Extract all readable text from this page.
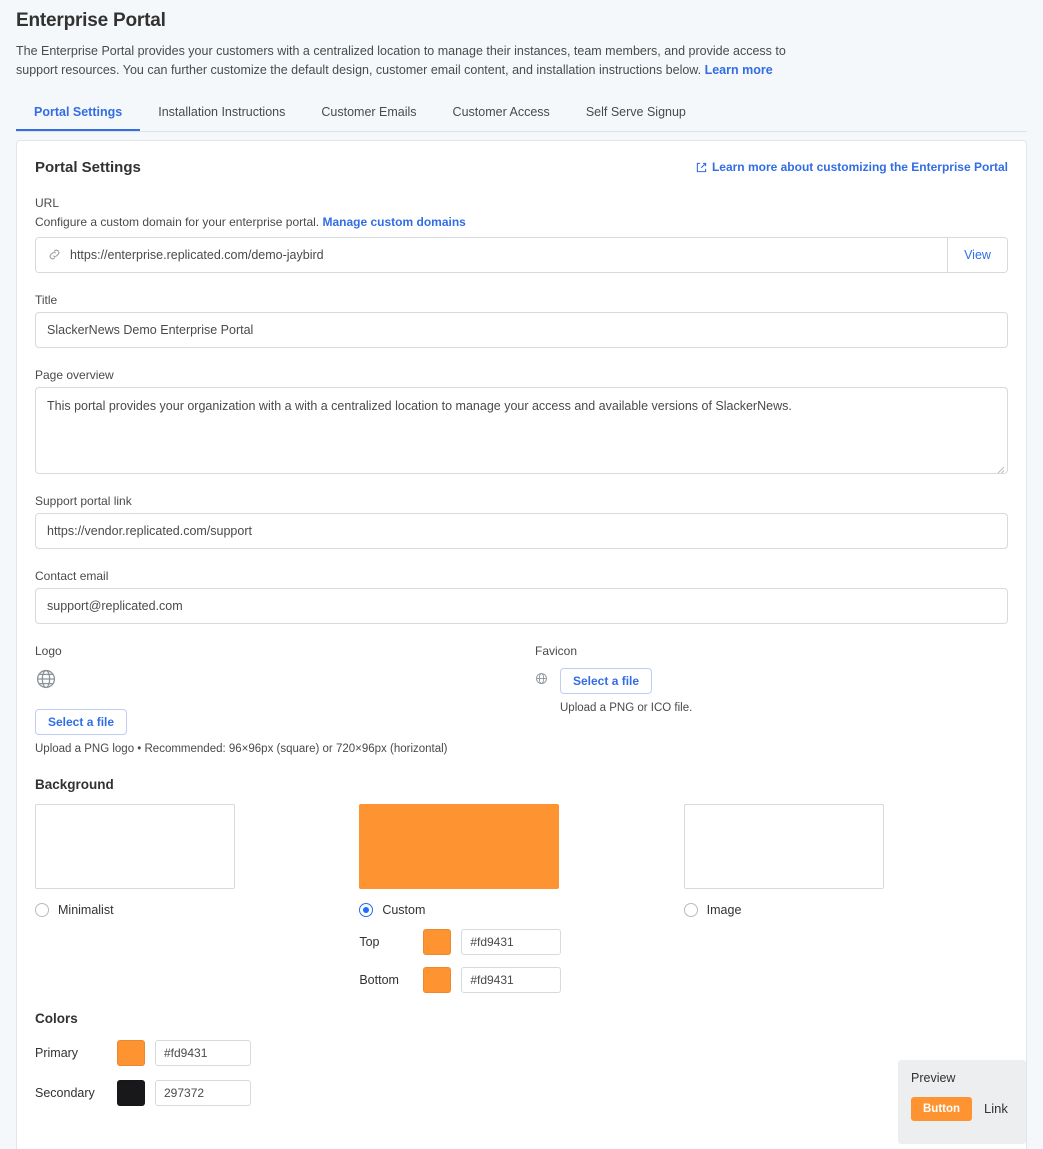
Enterprise Portal

The Enterprise Portal provides your customers with a centralized location to manage their instances, team members, and provide access to support resources. You can further customize the default design, customer email content, and installation instructions below. Learn more

Portal Settings	Installation Instructions	Customer Emails	Customer Access	Self Serve Signup
Portal Settings	Learn more about customizing the Enterprise Portal
URL
Configure a custom domain for your enterprise portal. Manage custom domains
https://enterprise.replicated.com/demo-jaybird	View
Title
SlackerNews Demo Enterprise Portal
Page overview
This portal provides your organization with a with a centralized location to manage your access and available versions of SlackerNews.
Support portal link
https://vendor.replicated.com/support
Contact email
support@replicated.com
Logo
Select a file
Upload a PNG logo • Recommended: 96×96px (square) or 720×96px (horizontal)
Favicon
Select a file
Upload a PNG or ICO file.
Background
Minimalist	Custom
Top	#fd9431
Bottom	#fd9431
Image
Colors
Primary	#fd9431
Secondary	297372
Preview
Button	Link
